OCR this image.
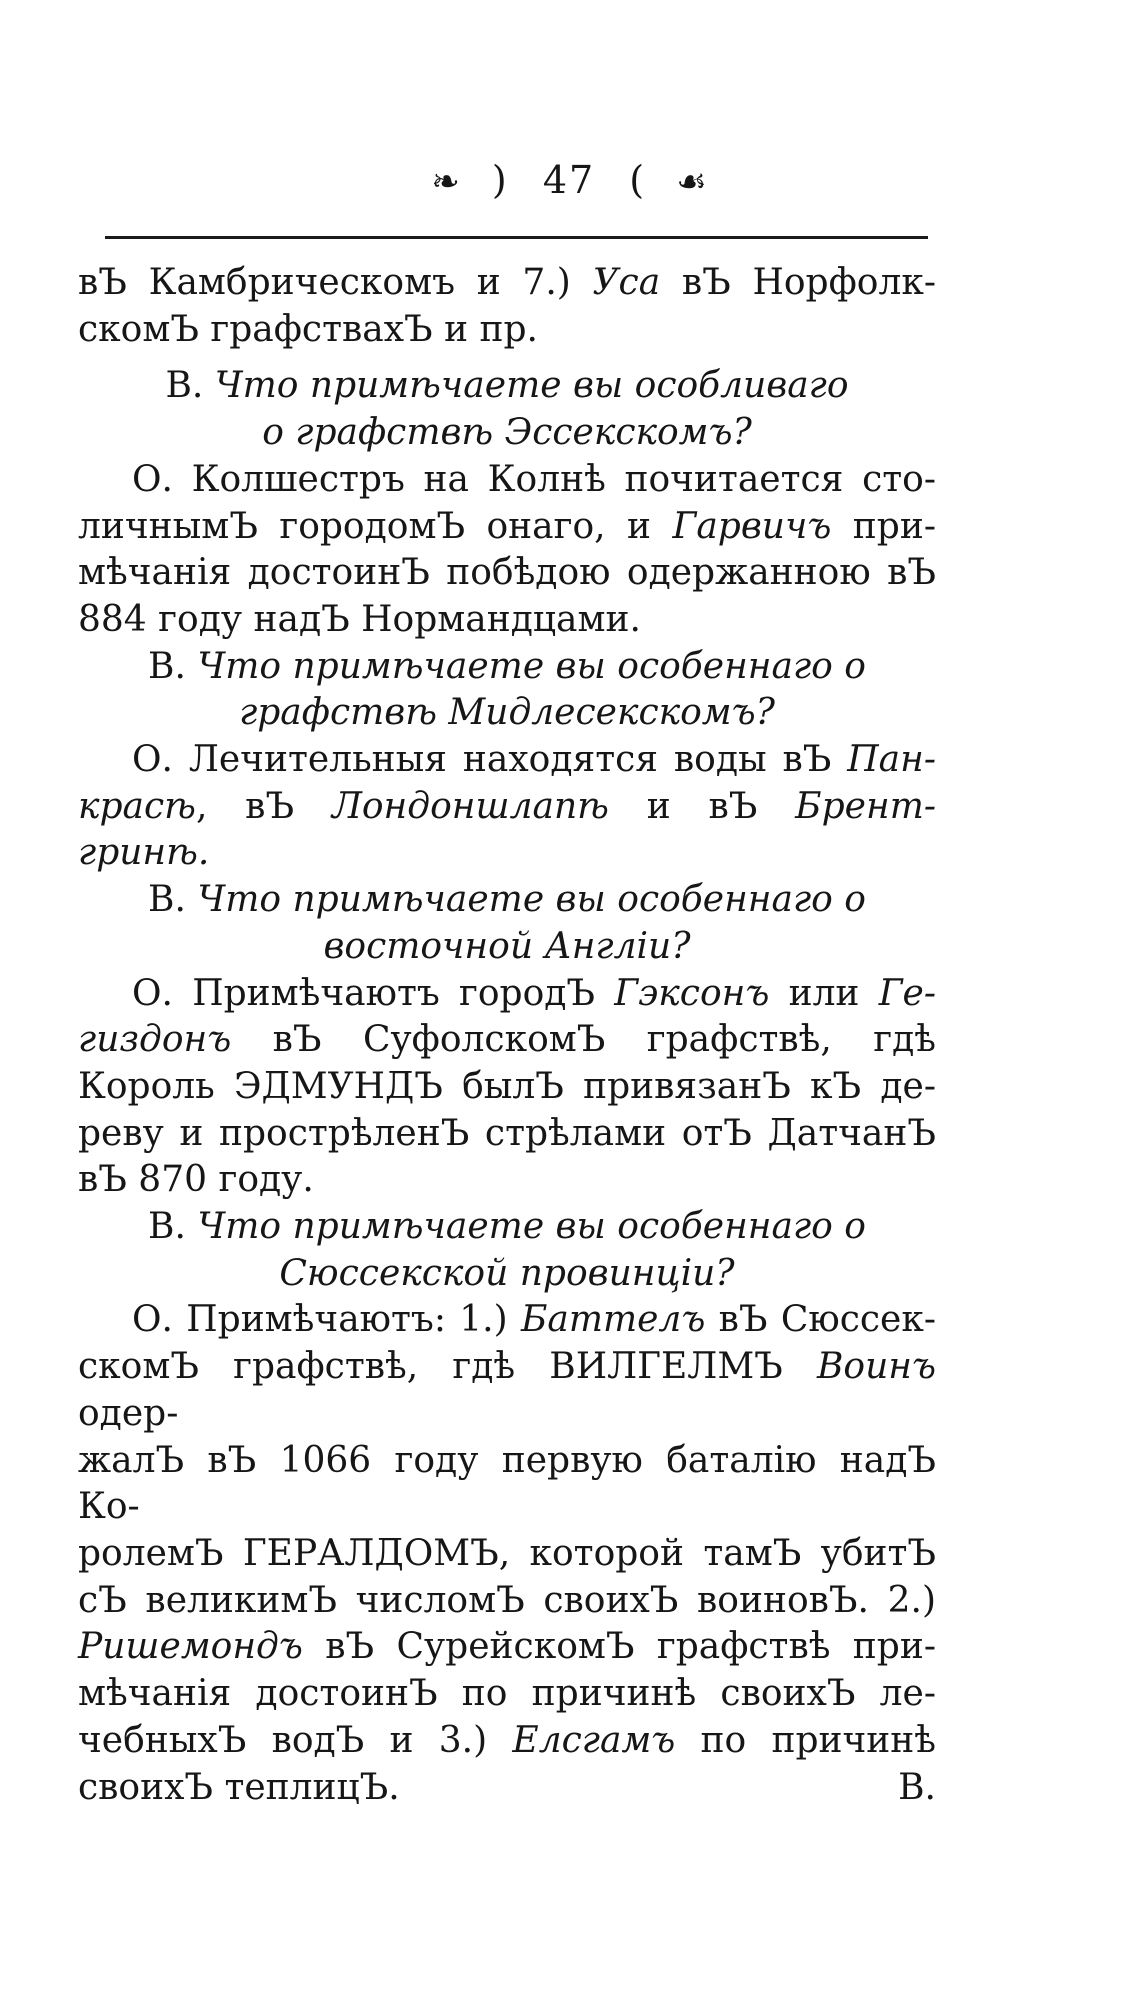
❧ ) 47 ( ☙

вЪ Камбрическомъ и 7.) Уса вЪ Норфолк-

скомЪ графствахЪ и пр.

В. Что примѣчаете вы особливаго

о графствѣ Эссекскомъ?

О. Колшестръ на Колнѣ почитается сто-

личнымЪ городомЪ онаго, и Гарвичъ при-

мѣчанія достоинЪ побѣдою одержанною вЪ

884 году надЪ Нормандцами.

В. Что примѣчаете вы особеннаго о

графствѣ Мидлесекскомъ?

О. Лечительныя находятся воды вЪ Пан-

красѣ, вЪ Лондоншлапѣ и вЪ Брент-

гринѣ.

В. Что примѣчаете вы особеннаго о

восточной Англіи?

О. Примѣчаютъ городЪ Гэксонъ или Ге-

гиздонъ вЪ СуфолскомЪ графствѣ, гдѣ

Король ЭДМУНДЪ былЪ привязанЪ кЪ де-

реву и прострѣленЪ стрѣлами отЪ ДатчанЪ

вЪ 870 году.

В. Что примѣчаете вы особеннаго о

Сюссекской провинціи?

О. Примѣчаютъ: 1.) Баттелъ вЪ Сюссек-

скомЪ графствѣ, гдѣ ВИЛГЕЛМЪ Воинъ одер-

жалЪ вЪ 1066 году первую баталію надЪ Ко-

ролемЪ ГЕРАЛДОМЪ, которой тамЪ убитЪ

сЪ великимЪ числомЪ своихЪ воиновЪ. 2.)

Ришемондъ вЪ СурейскомЪ графствѣ при-

мѣчанія достоинЪ по причинѣ своихЪ ле-

чебныхЪ водЪ и 3.) Елсгамъ по причинѣ

своихЪ теплицЪ.	В.
